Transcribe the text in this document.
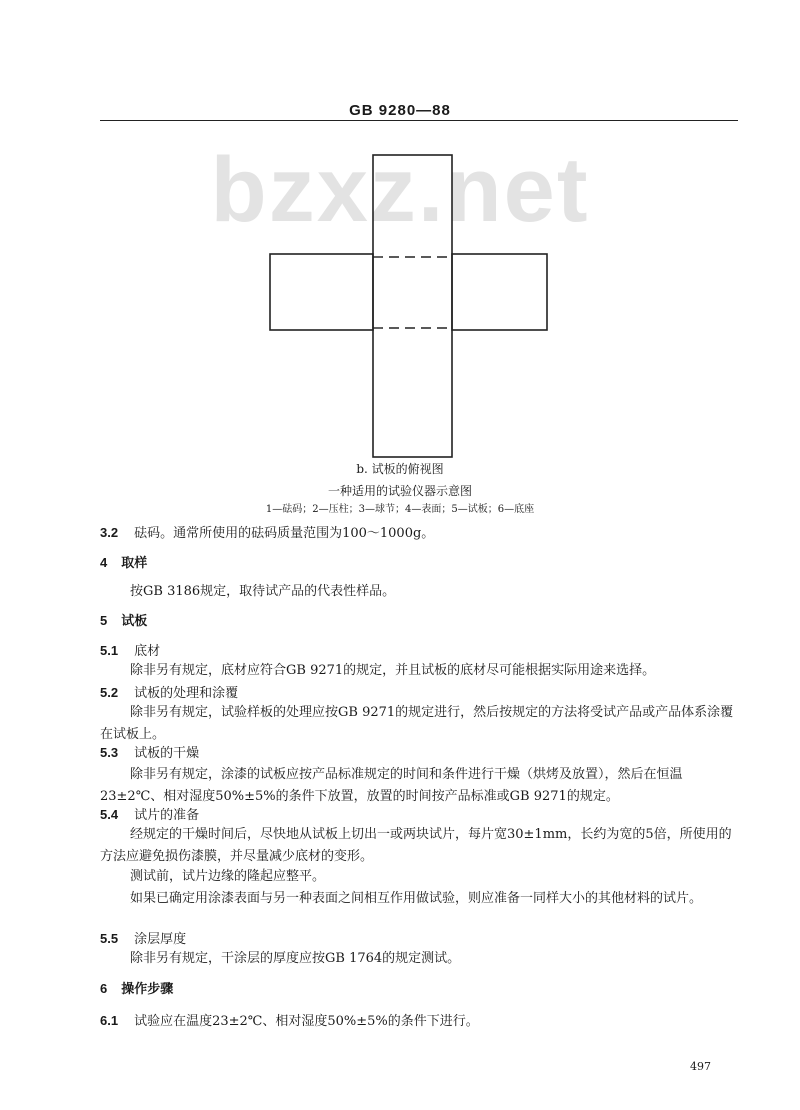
GB 9280—88
bzxz.net
b. 试板的俯视图
一种适用的试验仪器示意图
1—砝码；2—压柱；3—球节；4—表面；5—试板；6—底座
3.2 砝码。通常所使用的砝码质量范围为100～1000g。
4 取样
按GB 3186规定，取待试产品的代表性样品。
5 试板
5.1 底材
除非另有规定，底材应符合GB 9271的规定，并且试板的底材尽可能根据实际用途来选择。
5.2 试板的处理和涂覆
除非另有规定，试验样板的处理应按GB 9271的规定进行，然后按规定的方法将受试产品或产品体系涂覆在试板上。
5.3 试板的干燥
除非另有规定，涂漆的试板应按产品标准规定的时间和条件进行干燥（烘烤及放置），然后在恒温23±2℃、相对湿度50%±5%的条件下放置，放置的时间按产品标准或GB 9271的规定。
5.4 试片的准备
经规定的干燥时间后，尽快地从试板上切出一或两块试片，每片宽30±1mm，长约为宽的5倍，所使用的方法应避免损伤漆膜，并尽量减少底材的变形。
测试前，试片边缘的隆起应整平。
如果已确定用涂漆表面与另一种表面之间相互作用做试验，则应准备一同样大小的其他材料的试片。
5.5 涂层厚度
除非另有规定，干涂层的厚度应按GB 1764的规定测试。
6 操作步骤
6.1 试验应在温度23±2℃、相对湿度50%±5%的条件下进行。
497
